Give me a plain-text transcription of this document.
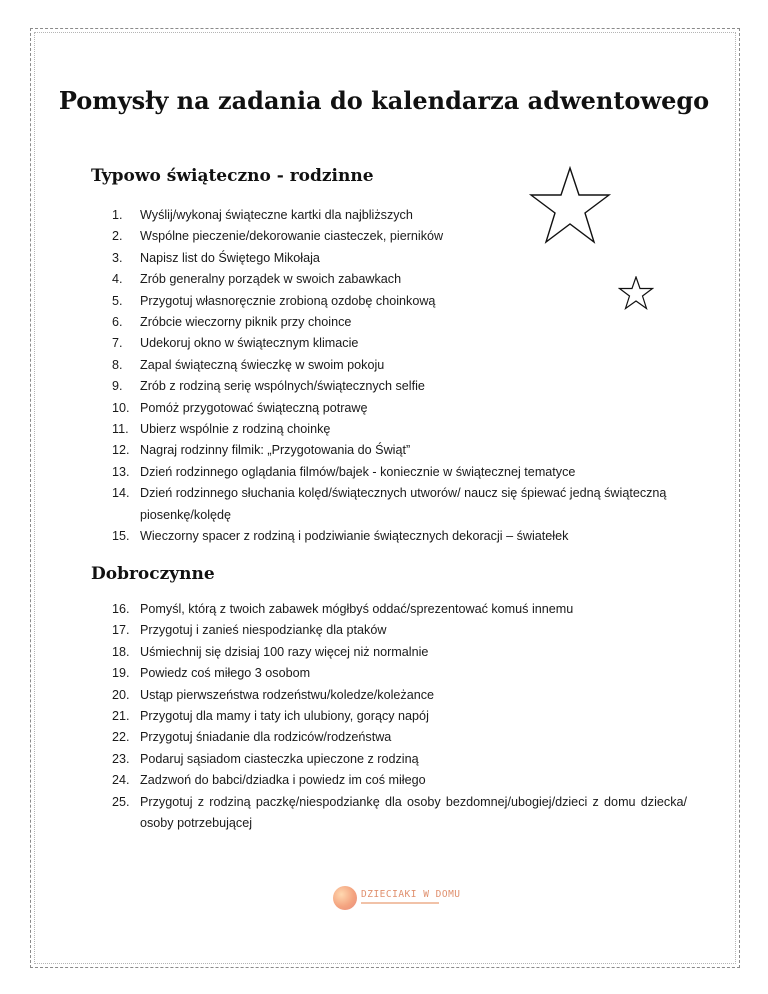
Pomysły na zadania do kalendarza adwentowego
Typowo świąteczno - rodzinne
1.	Wyślij/wykonaj świąteczne kartki dla najbliższych
2.	Wspólne pieczenie/dekorowanie ciasteczek, pierników
3.	Napisz list do Świętego Mikołaja
4.	Zrób generalny porządek w swoich zabawkach
5.	Przygotuj własnoręcznie zrobioną ozdobę choinkową
6.	Zróbcie wieczorny piknik przy choince
7.	Udekoruj okno w świątecznym klimacie
8.	Zapal świąteczną świeczkę w swoim pokoju
9.	Zrób z rodziną serię wspólnych/świątecznych selfie
10. Pomóż przygotować świąteczną potrawę
11. Ubierz wspólnie z rodziną choinkę
12. Nagraj rodzinny filmik: „Przygotowania do Świąt”
13. Dzień rodzinnego oglądania filmów/bajek - koniecznie w świątecznej tematyce
14. Dzień rodzinnego słuchania kolęd/świątecznych utworów/ naucz się śpiewać jedną świąteczną piosenkę/kolędę
15. Wieczorny spacer z rodziną i podziwianie świątecznych dekoracji – światełek
Dobroczynne
16. Pomyśl, którą z twoich zabawek mógłbyś oddać/sprezentować komuś innemu
17. Przygotuj i zanieś niespodziankę dla ptaków
18. Uśmiechnij się dzisiaj 100 razy więcej niż normalnie
19. Powiedz coś miłego 3 osobom
20. Ustąp pierwszeństwa rodzeństwu/koledze/koleżance
21. Przygotuj dla mamy i taty ich ulubiony, gorący napój
22. Przygotuj śniadanie dla rodziców/rodzeństwa
23. Podaruj sąsiadom ciasteczka upieczone z rodziną
24. Zadzwoń do babci/dziadka i powiedz im coś miłego
25. Przygotuj z rodziną paczkę/niespodziankę dla osoby bezdomnej/ubogiej/dzieci z domu dziecka/ osoby potrzebującej
DZIECIAKI W DOMU
